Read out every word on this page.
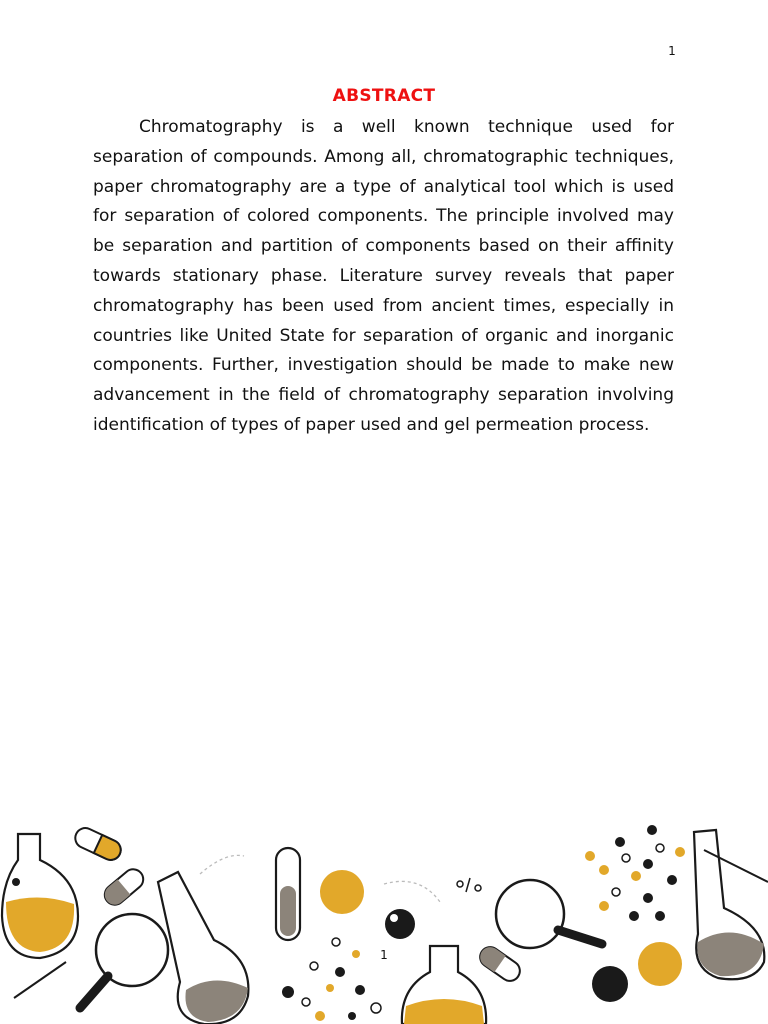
1
ABSTRACT

Chromatography is a well known technique used for separation of compounds. Among all, chromatographic techniques, paper chromatography are a type of analytical tool which is used for separation of colored components. The principle involved may be separation and partition of components based on their affinity towards stationary phase. Literature survey reveals that paper chromatography has been used from ancient times, especially in countries like United State for separation of organic and inorganic components. Further, investigation should be made to make new advancement in the field of chromatography separation involving identification of types of paper used and gel permeation process.

1
